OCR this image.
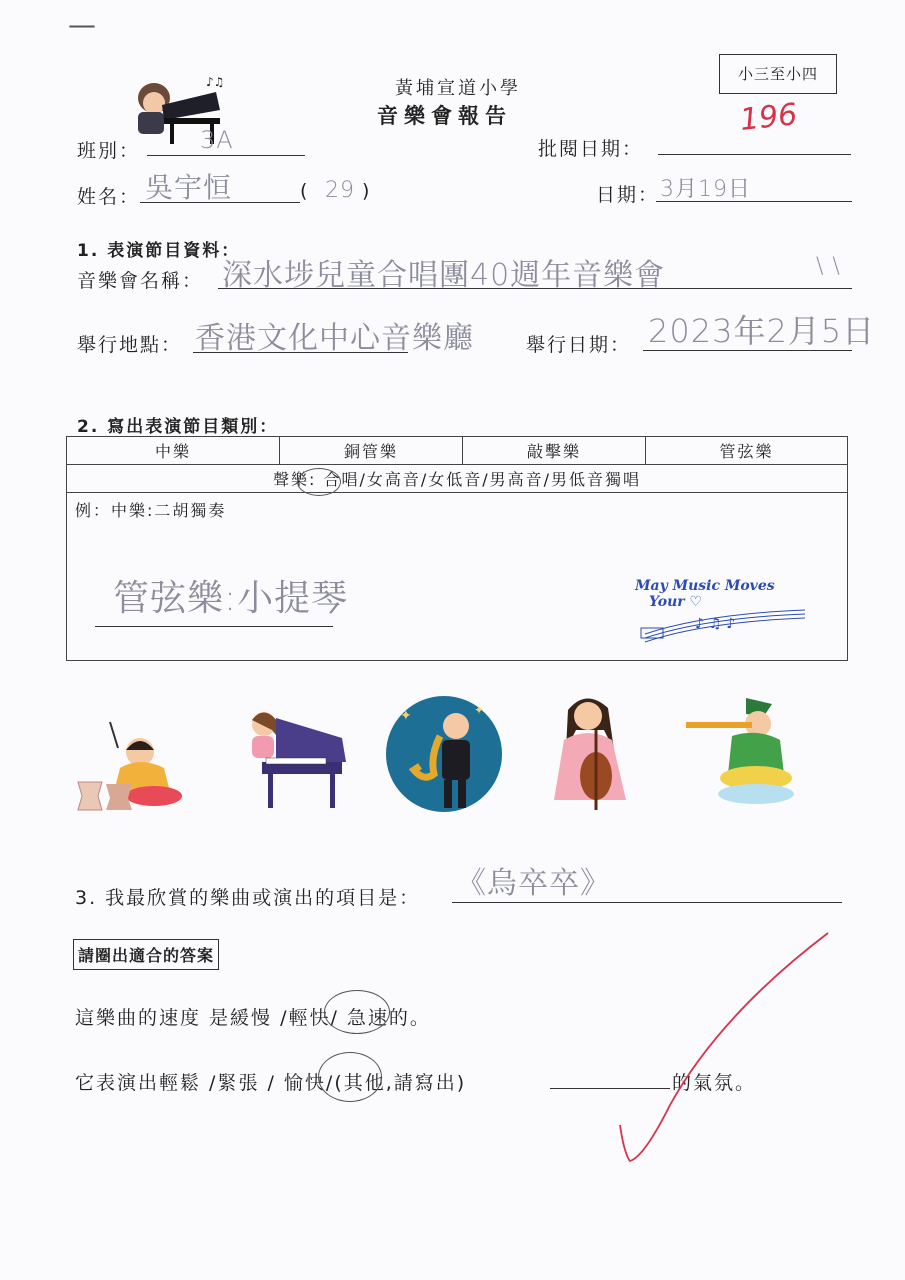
—
♪♫	黃埔宣道小學
音樂會報告
小三至小四
班別： 3A	批閱日期：
196
姓名： 吳宇恒	( 29 )	日期： 3月19日
1. 表演節目資料：
音樂會名稱： 深水埗兒童合唱團40週年音樂會	\ \
舉行地點： 香港文化中心音樂廳	舉行日期： 2023年2月5日
2. 寫出表演節目類別：
中樂	銅管樂	敲擊樂	管弦樂
聲樂: 合唱/女高音/女低音/男高音/男低音獨唱
例：中樂:二胡獨奏
管弦樂:小提琴	May Music Moves
Your ♡
♪ ♫ ♪
✦	✦
3. 我最欣賞的樂曲或演出的項目是： 《烏卒卒》
請圈出適合的答案
這樂曲的速度 是緩慢 /輕快/ 急速的。
它表演出輕鬆 /緊張 / 愉快/(其他,請寫出)	的氣氛。
